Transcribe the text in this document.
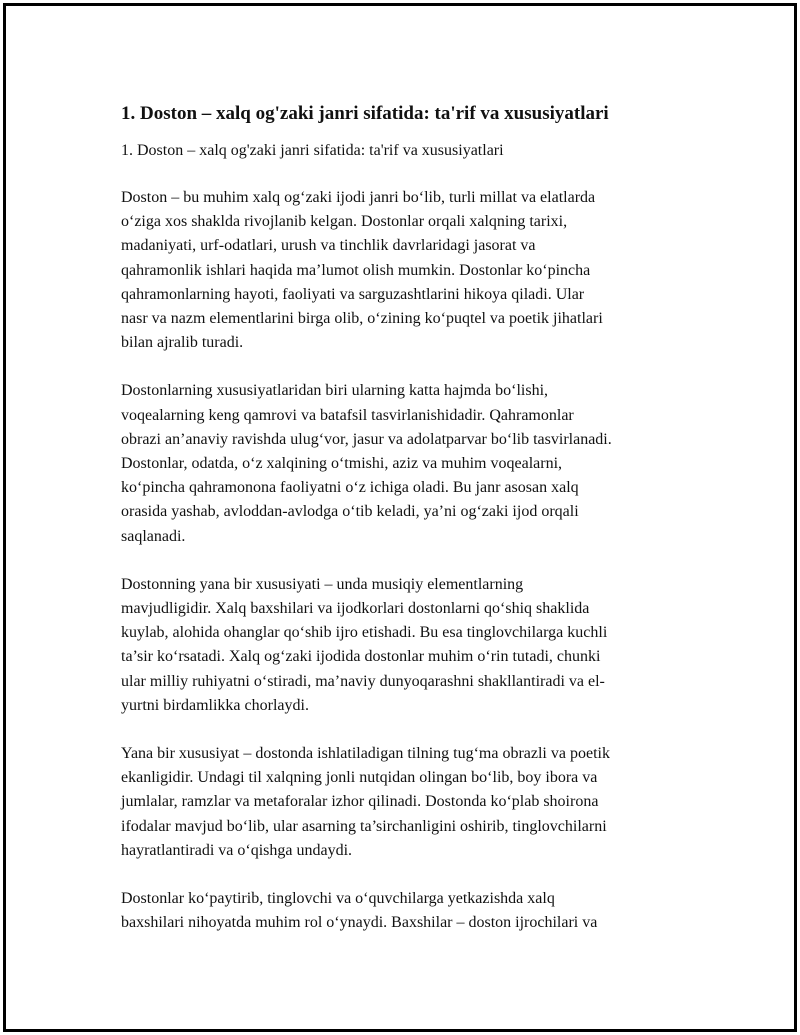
1. Doston – xalq og'zaki janri sifatida: ta'rif va xususiyatlari
1. Doston – xalq og'zaki janri sifatida: ta'rif va xususiyatlari
Doston – bu muhim xalq og‘zaki ijodi janri bo‘lib, turli millat va elatlarda
o‘ziga xos shaklda rivojlanib kelgan. Dostonlar orqali xalqning tarixi,
madaniyati, urf-odatlari, urush va tinchlik davrlaridagi jasorat va
qahramonlik ishlari haqida ma’lumot olish mumkin. Dostonlar ko‘pincha
qahramonlarning hayoti, faoliyati va sarguzashtlarini hikoya qiladi. Ular
nasr va nazm elementlarini birga olib, o‘zining ko‘puqtel va poetik jihatlari
bilan ajralib turadi.
Dostonlarning xususiyatlaridan biri ularning katta hajmda bo‘lishi,
voqealarning keng qamrovi va batafsil tasvirlanishidadir. Qahramonlar
obrazi an’anaviy ravishda ulug‘vor, jasur va adolatparvar bo‘lib tasvirlanadi.
Dostonlar, odatda, o‘z xalqining o‘tmishi, aziz va muhim voqealarni,
ko‘pincha qahramonona faoliyatni o‘z ichiga oladi. Bu janr asosan xalq
orasida yashab, avloddan-avlodga o‘tib keladi, ya’ni og‘zaki ijod orqali
saqlanadi.
Dostonning yana bir xususiyati – unda musiqiy elementlarning
mavjudligidir. Xalq baxshilari va ijodkorlari dostonlarni qo‘shiq shaklida
kuylab, alohida ohanglar qo‘shib ijro etishadi. Bu esa tinglovchilarga kuchli
ta’sir ko‘rsatadi. Xalq og‘zaki ijodida dostonlar muhim o‘rin tutadi, chunki
ular milliy ruhiyatni o‘stiradi, ma’naviy dunyoqarashni shakllantiradi va el-
yurtni birdamlikka chorlaydi.
Yana bir xususiyat – dostonda ishlatiladigan tilning tug‘ma obrazli va poetik
ekanligidir. Undagi til xalqning jonli nutqidan olingan bo‘lib, boy ibora va
jumlalar, ramzlar va metaforalar izhor qilinadi. Dostonda ko‘plab shoirona
ifodalar mavjud bo‘lib, ular asarning ta’sirchanligini oshirib, tinglovchilarni
hayratlantiradi va o‘qishga undaydi.
Dostonlar ko‘paytirib, tinglovchi va o‘quvchilarga yetkazishda xalq
baxshilari nihoyatda muhim rol o‘ynaydi. Baxshilar – doston ijrochilari va
